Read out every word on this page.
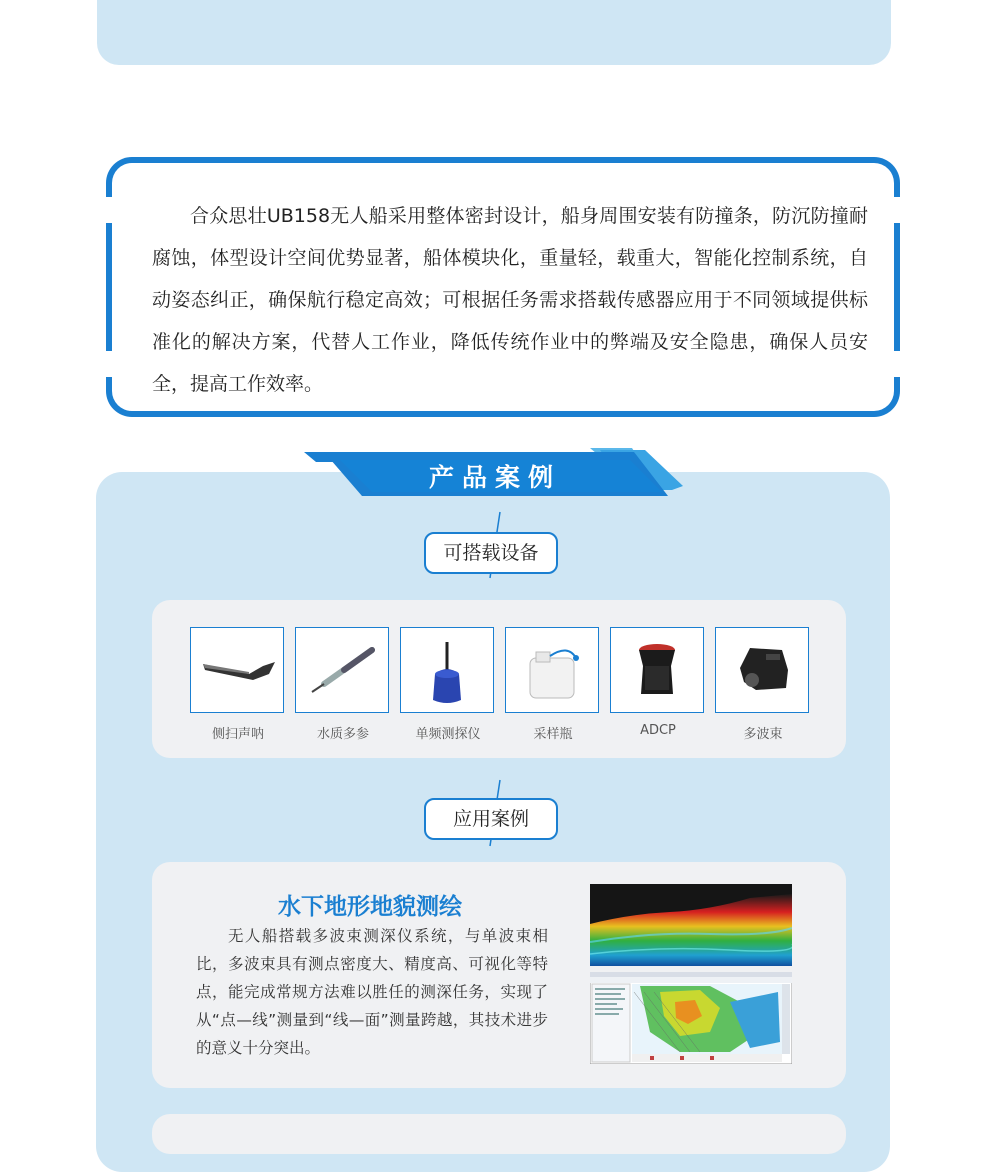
合众思壮UB158无人船采用整体密封设计，船身周围安装有防撞条，防沉防撞耐腐蚀，体型设计空间优势显著，船体模块化，重量轻，载重大，智能化控制系统，自动姿态纠正，确保航行稳定高效；可根据任务需求搭载传感器应用于不同领域提供标准化的解决方案，代替人工作业，降低传统作业中的弊端及安全隐患，确保人员安全，提高工作效率。

产品案例
可搭载设备
侧扫声呐	水质多参	单频测探仪	采样瓶	ADCP	多波束
应用案例
水下地形地貌测绘

无人船搭载多波束测深仪系统，与单波束相比，多波束具有测点密度大、精度高、可视化等特点，能完成常规方法难以胜任的测深任务，实现了从“点—线”测量到“线—面”测量跨越，其技术进步的意义十分突出。
